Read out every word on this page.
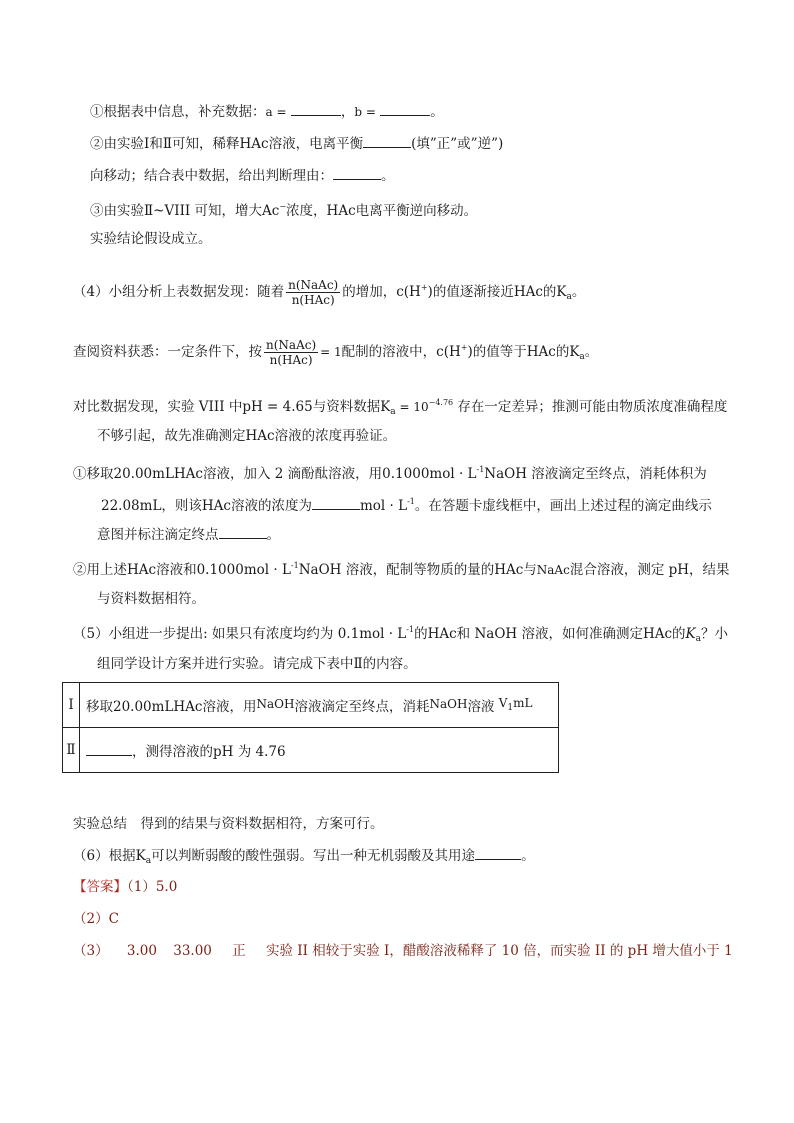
①根据表中信息，补充数据：a =	，b =	。
②由实验Ⅰ和Ⅱ可知，稀释HAc溶液，电离平衡	(填”正”或”逆”)
向移动；结合表中数据，给出判断理由：	。
③由实验Ⅱ~VIII 可知，增大Ac−浓度，HAc电离平衡逆向移动。
实验结论假设成立。
（4）小组分析上表数据发现：随着 $\frac{\text{n(NaAc)}}{\text{n(HAc)}}$ 的增加，c(H+)的值逐渐接近HAc的$K_a$。
查阅资料获悉：一定条件下，按 $\frac{\text{n(NaAc)}}{\text{n(HAc)}} = 1$配制的溶液中，c(H+)的值等于HAc的$K_a$。
对比数据发现，实验 VIII 中pH = 4.65与资料数据$K_a = 10^{-4.76}$ 存在一定差异；推测可能由物质浓度准确程度
不够引起，故先准确测定HAc溶液的浓度再验证。
①移取20.00mLHAc溶液，加入 2 滴酚酞溶液，用$0.1000mol \cdot L^{-1}NaOH$ 溶液滴定至终点，消耗体积为
22.08mL，则该HAc溶液的浓度为	mol · $L^{-1}$。在答题卡虚线框中，画出上述过程的滴定曲线示
意图并标注滴定终点	。
②用上述HAc溶液和$0.1000mol \cdot L^{-1}NaOH$ 溶液，配制等物质的量的HAc与NaAc混合溶液，测定 pH，结果
与资料数据相符。
（5）小组进一步提出: 如果只有浓度均约为 $0.1mol \cdot L^{-1}$的HAc和 NaOH 溶液，如何准确测定HAc的$K_a$？小
组同学设计方案并进行实验。请完成下表中Ⅱ的内容。
Ⅰ	移取20.00mLHAc溶液，用NaOH溶液滴定至终点，消耗NaOH溶液 $V_1mL$
Ⅱ	，测得溶液的pH 为 4.76
实验总结　得到的结果与资料数据相符，方案可行。
（6）根据$K_a$可以判断弱酸的酸性强弱。写出一种无机弱酸及其用途	。
【答案】（1）5.0
（2）C
（3） 3.00 33.00 正 实验 II 相较于实验 I，醋酸溶液稀释了 10 倍，而实验 II 的 pH 增大值小于 1
